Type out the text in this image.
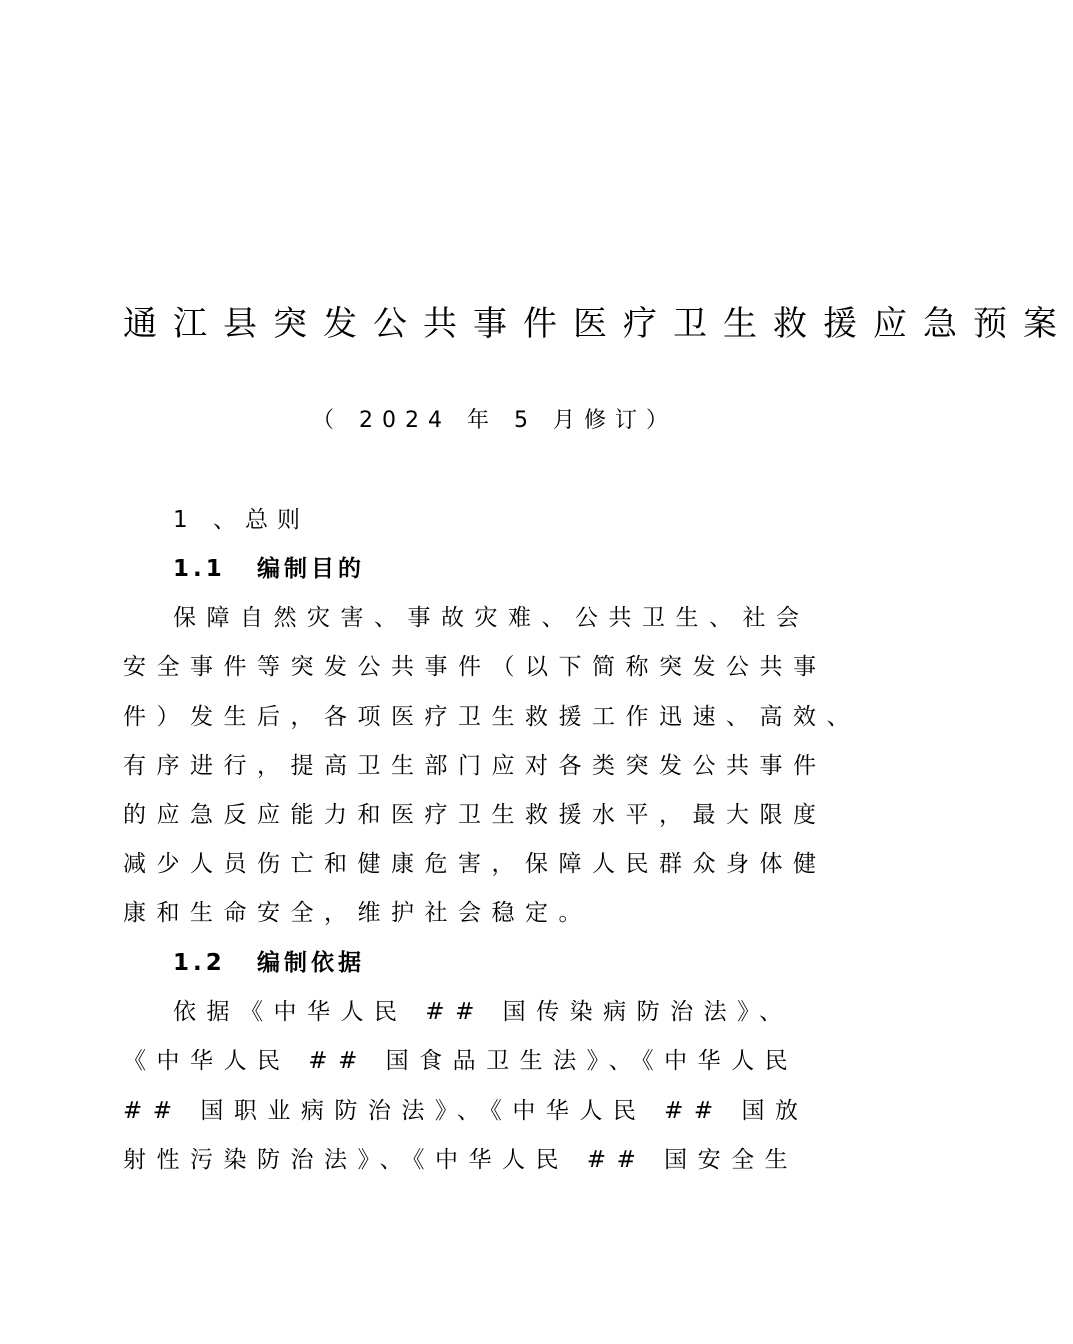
通江县突发公共事件医疗卫生救援应急预案
（ 2024 年 5 月修订）
1 、总则
1.1 编制目的
保障自然灾害、事故灾难、公共卫生、社会
安全事件等突发公共事件（以下简称突发公共事
件）发生后，各项医疗卫生救援工作迅速、高效、
有序进行，提高卫生部门应对各类突发公共事件
的应急反应能力和医疗卫生救援水平，最大限度
减少人员伤亡和健康危害，保障人民群众身体健
康和生命安全，维护社会稳定。
1.2 编制依据
依据《中华人民 ## 国传染病防治法》、
《中华人民 ## 国食品卫生法》、《中华人民
## 国职业病防治法》、《中华人民 ## 国放
射性污染防治法》、《中华人民 ## 国安全生
